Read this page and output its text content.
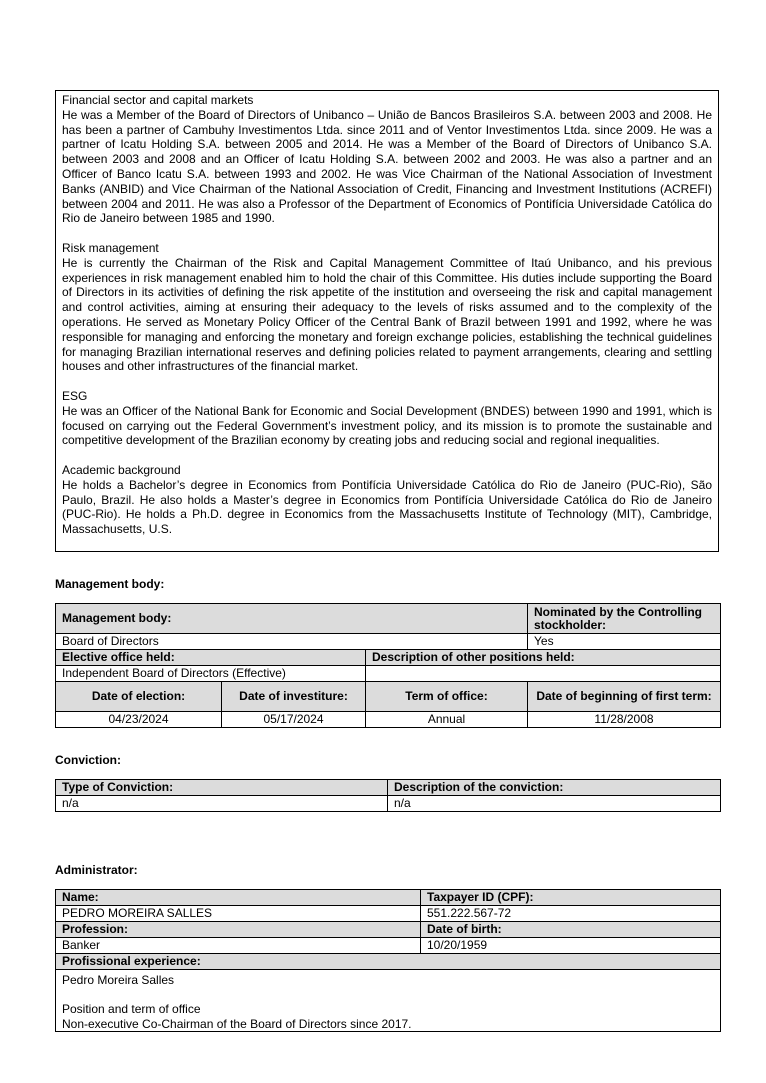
Financial sector and capital markets
He was a Member of the Board of Directors of Unibanco – União de Bancos Brasileiros S.A. between 2003 and 2008. He has been a partner of Cambuhy Investimentos Ltda. since 2011 and of Ventor Investimentos Ltda. since 2009. He was a partner of Icatu Holding S.A. between 2005 and 2014. He was a Member of the Board of Directors of Unibanco S.A. between 2003 and 2008 and an Officer of Icatu Holding S.A. between 2002 and 2003. He was also a partner and an Officer of Banco Icatu S.A. between 1993 and 2002. He was Vice Chairman of the National Association of Investment Banks (ANBID) and Vice Chairman of the National Association of Credit, Financing and Investment Institutions (ACREFI) between 2004 and 2011. He was also a Professor of the Department of Economics of Pontifícia Universidade Católica do Rio de Janeiro between 1985 and 1990.
Risk management
He is currently the Chairman of the Risk and Capital Management Committee of Itaú Unibanco, and his previous experiences in risk management enabled him to hold the chair of this Committee. His duties include supporting the Board of Directors in its activities of defining the risk appetite of the institution and overseeing the risk and capital management and control activities, aiming at ensuring their adequacy to the levels of risks assumed and to the complexity of the operations. He served as Monetary Policy Officer of the Central Bank of Brazil between 1991 and 1992, where he was responsible for managing and enforcing the monetary and foreign exchange policies, establishing the technical guidelines for managing Brazilian international reserves and defining policies related to payment arrangements, clearing and settling houses and other infrastructures of the financial market.
ESG
He was an Officer of the National Bank for Economic and Social Development (BNDES) between 1990 and 1991, which is focused on carrying out the Federal Government’s investment policy, and its mission is to promote the sustainable and competitive development of the Brazilian economy by creating jobs and reducing social and regional inequalities.
Academic background
He holds a Bachelor’s degree in Economics from Pontifícia Universidade Católica do Rio de Janeiro (PUC-Rio), São Paulo, Brazil. He also holds a Master’s degree in Economics from Pontifícia Universidade Católica do Rio de Janeiro (PUC-Rio). He holds a Ph.D. degree in Economics from the Massachusetts Institute of Technology (MIT), Cambridge, Massachusetts, U.S.
Management body:
Management body:			Nominated by the Controlling stockholder:
Board of Directors			Yes
Elective office held:		Description of other positions held:	
Independent Board of Directors (Effective)			
Date of election:	Date of investiture:	Term of office:	Date of beginning of first term:
04/23/2024	05/17/2024	Annual	11/28/2008
Conviction:
Type of Conviction:	Description of the conviction:
n/a	n/a
Administrator:
Name:	Taxpayer ID (CPF):
PEDRO MOREIRA SALLES	551.222.567-72
Profession:	Date of birth:
Banker	10/20/1959
Profissional experience:	

Pedro Moreira Salles

Position and term of office
Non-executive Co-Chairman of the Board of Directors since 2017.	
